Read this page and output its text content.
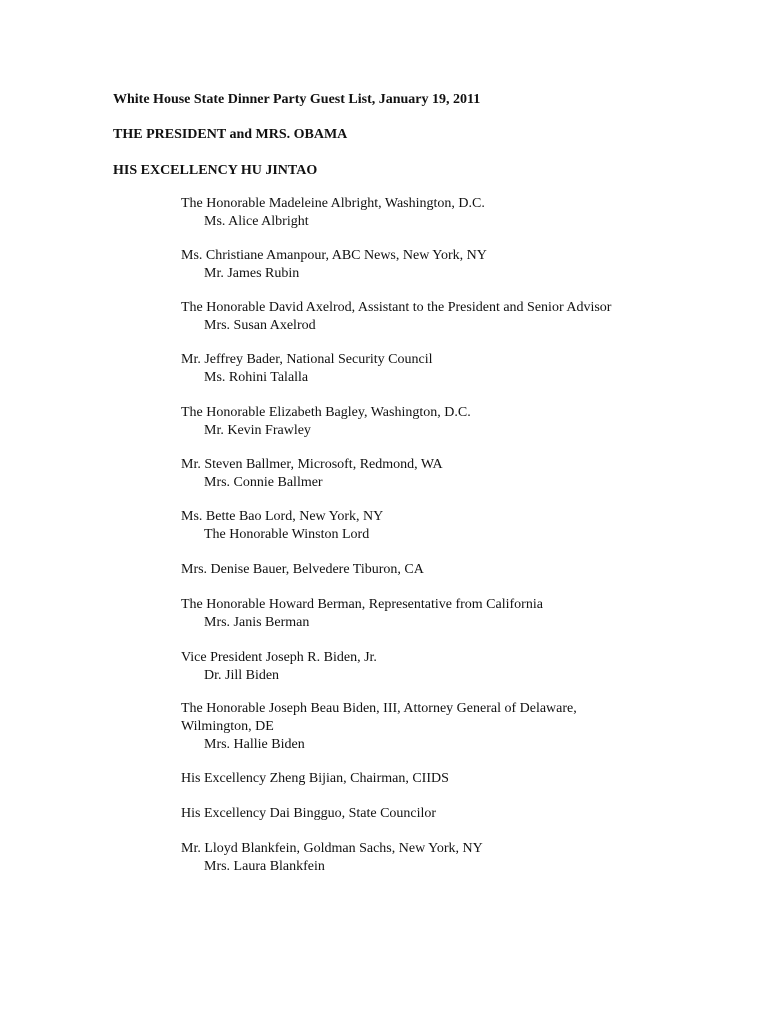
White House State Dinner Party Guest List, January 19, 2011
THE PRESIDENT and MRS. OBAMA
HIS EXCELLENCY HU JINTAO
The Honorable Madeleine Albright, Washington, D.C.
Ms. Alice Albright
Ms. Christiane Amanpour, ABC News, New York, NY
Mr. James Rubin
The Honorable David Axelrod, Assistant to the President and Senior Advisor
Mrs. Susan Axelrod
Mr. Jeffrey Bader, National Security Council
Ms. Rohini Talalla
The Honorable Elizabeth Bagley, Washington, D.C.
Mr. Kevin Frawley
Mr. Steven Ballmer, Microsoft, Redmond, WA
Mrs. Connie Ballmer
Ms. Bette Bao Lord, New York, NY
The Honorable Winston Lord
Mrs. Denise Bauer, Belvedere Tiburon, CA
The Honorable Howard Berman, Representative from California
Mrs. Janis Berman
Vice President Joseph R. Biden, Jr.
Dr. Jill Biden
The Honorable Joseph Beau Biden, III, Attorney General of Delaware,
Wilmington, DE
Mrs. Hallie Biden
His Excellency Zheng Bijian, Chairman, CIIDS
His Excellency Dai Bingguo, State Councilor
Mr. Lloyd Blankfein, Goldman Sachs, New York, NY
Mrs. Laura Blankfein
